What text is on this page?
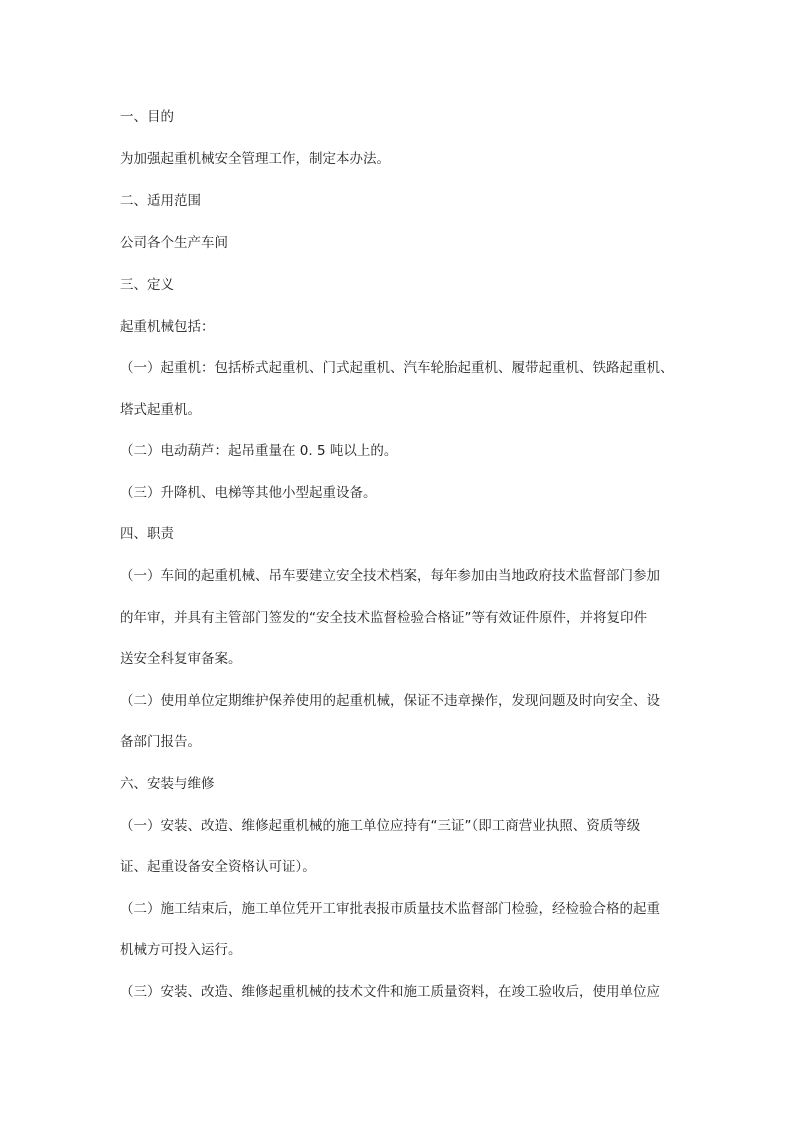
一、目的
为加强起重机械安全管理工作，制定本办法。
二、适用范围
公司各个生产车间
三、定义
起重机械包括：
（一）起重机：包括桥式起重机、门式起重机、汽车轮胎起重机、履带起重机、铁路起重机、
塔式起重机。
（二）电动葫芦：起吊重量在 0. 5 吨以上的。
（三）升降机、电梯等其他小型起重设备。
四、职责
（一）车间的起重机械、吊车要建立安全技术档案，每年参加由当地政府技术监督部门参加
的年审，并具有主管部门签发的“安全技术监督检验合格证”等有效证件原件，并将复印件
送安全科复审备案。
（二）使用单位定期维护保养使用的起重机械，保证不违章操作，发现问题及时向安全、设
备部门报告。
六、安装与维修
（一）安装、改造、维修起重机械的施工单位应持有“三证”（即工商营业执照、资质等级
证、起重设备安全资格认可证）。
（二）施工结束后，施工单位凭开工审批表报市质量技术监督部门检验，经检验合格的起重
机械方可投入运行。
（三）安装、改造、维修起重机械的技术文件和施工质量资料，在竣工验收后，使用单位应
